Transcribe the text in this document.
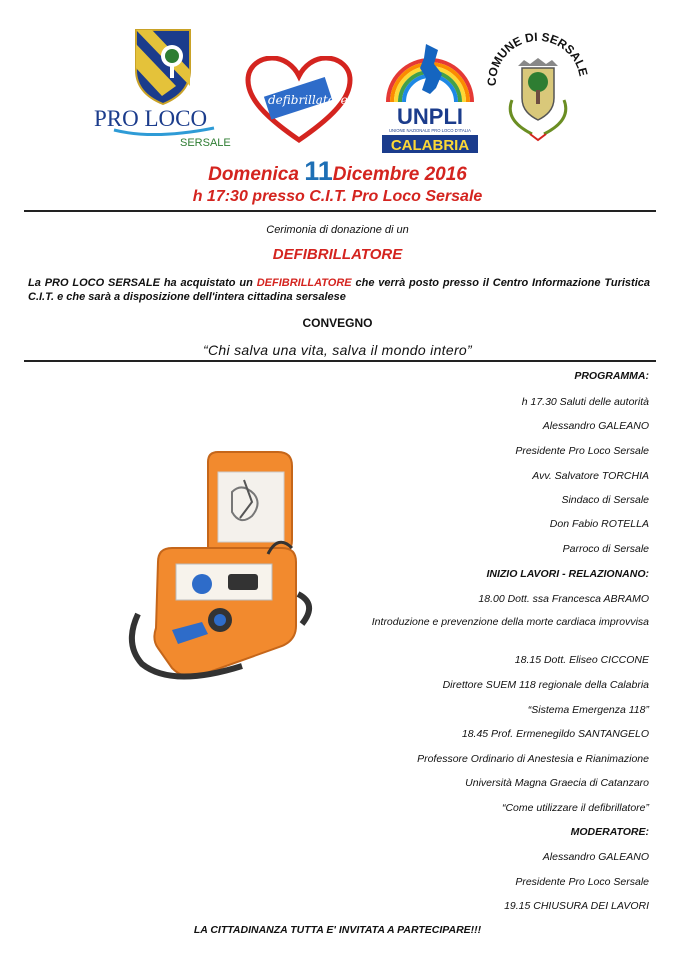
PRO LOCO
SERSALE
defibrillatore
UNPLI
UNIONE NAZIONALE PRO LOCO D'ITALIA
CALABRIA
COMUNE DI SERSALE
Domenica 11Dicembre 2016
h 17:30 presso C.I.T. Pro Loco Sersale
Cerimonia di donazione di un
DEFIBRILLATORE
La PRO LOCO SERSALE ha acquistato un DEFIBRILLATORE che verrà posto presso il Centro Informazione Turistica C.I.T. e che sarà a disposizione dell'intera cittadina sersalese
CONVEGNO
“Chi salva una vita, salva il mondo intero”
PROGRAMMA:
h 17.30 Saluti delle autorità
Alessandro GALEANO
Presidente Pro Loco Sersale
Avv. Salvatore TORCHIA
Sindaco di Sersale
Don Fabio ROTELLA
Parroco di Sersale
INIZIO LAVORI - RELAZIONANO:
18.00 Dott. ssa Francesca ABRAMO
Introduzione e prevenzione della morte cardiaca improvvisa
18.15 Dott. Eliseo CICCONE
Direttore SUEM 118 regionale della Calabria
“Sistema Emergenza 118”
18.45 Prof. Ermenegildo SANTANGELO
Professore Ordinario di Anestesia e Rianimazione
Università Magna Graecia di Catanzaro
“Come utilizzare il defibrillatore”
MODERATORE:
Alessandro GALEANO
Presidente Pro Loco Sersale
19.15 CHIUSURA DEI LAVORI
LA CITTADINANZA TUTTA E' INVITATA A PARTECIPARE!!!
